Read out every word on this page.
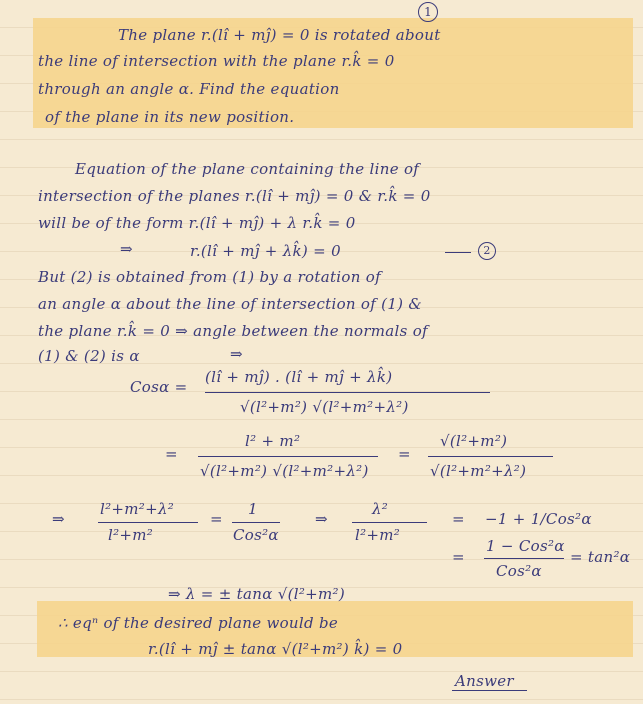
1
The plane r.(lî + mĵ) = 0 is rotated about
the line of intersection with the plane r.k̂ = 0
through an angle α. Find the equation
of the plane in its new position.
Equation of the plane containing the line of
intersection of the planes r.(lî + mĵ) = 0 & r.k̂ = 0
will be of the form r.(lî + mĵ) + λ r.k̂ = 0
⇒	r.(lî + mĵ + λk̂) = 0	2
But (2) is obtained from (1) by a rotation of
an angle α about the line of intersection of (1) &
the plane r.k̂ = 0 ⇒ angle between the normals of
(1) & (2) is α	⇒
Cosα =
(lî + mĵ) . (lî + mĵ + λk̂)
√(l²+m²) √(l²+m²+λ²)
=
l² + m²
√(l²+m²) √(l²+m²+λ²)
=
√(l²+m²)
√(l²+m²+λ²)
⇒
l²+m²+λ²
l²+m²
=
1
Cos²α
⇒
λ²
l²+m²
= −1 + 1/Cos²α
=
1 − Cos²α
Cos²α
= tan²α
⇒ λ = ± tanα √(l²+m²)
∴ eqⁿ of the desired plane would be
r.(lî + mĵ ± tanα √(l²+m²) k̂) = 0
Answer
